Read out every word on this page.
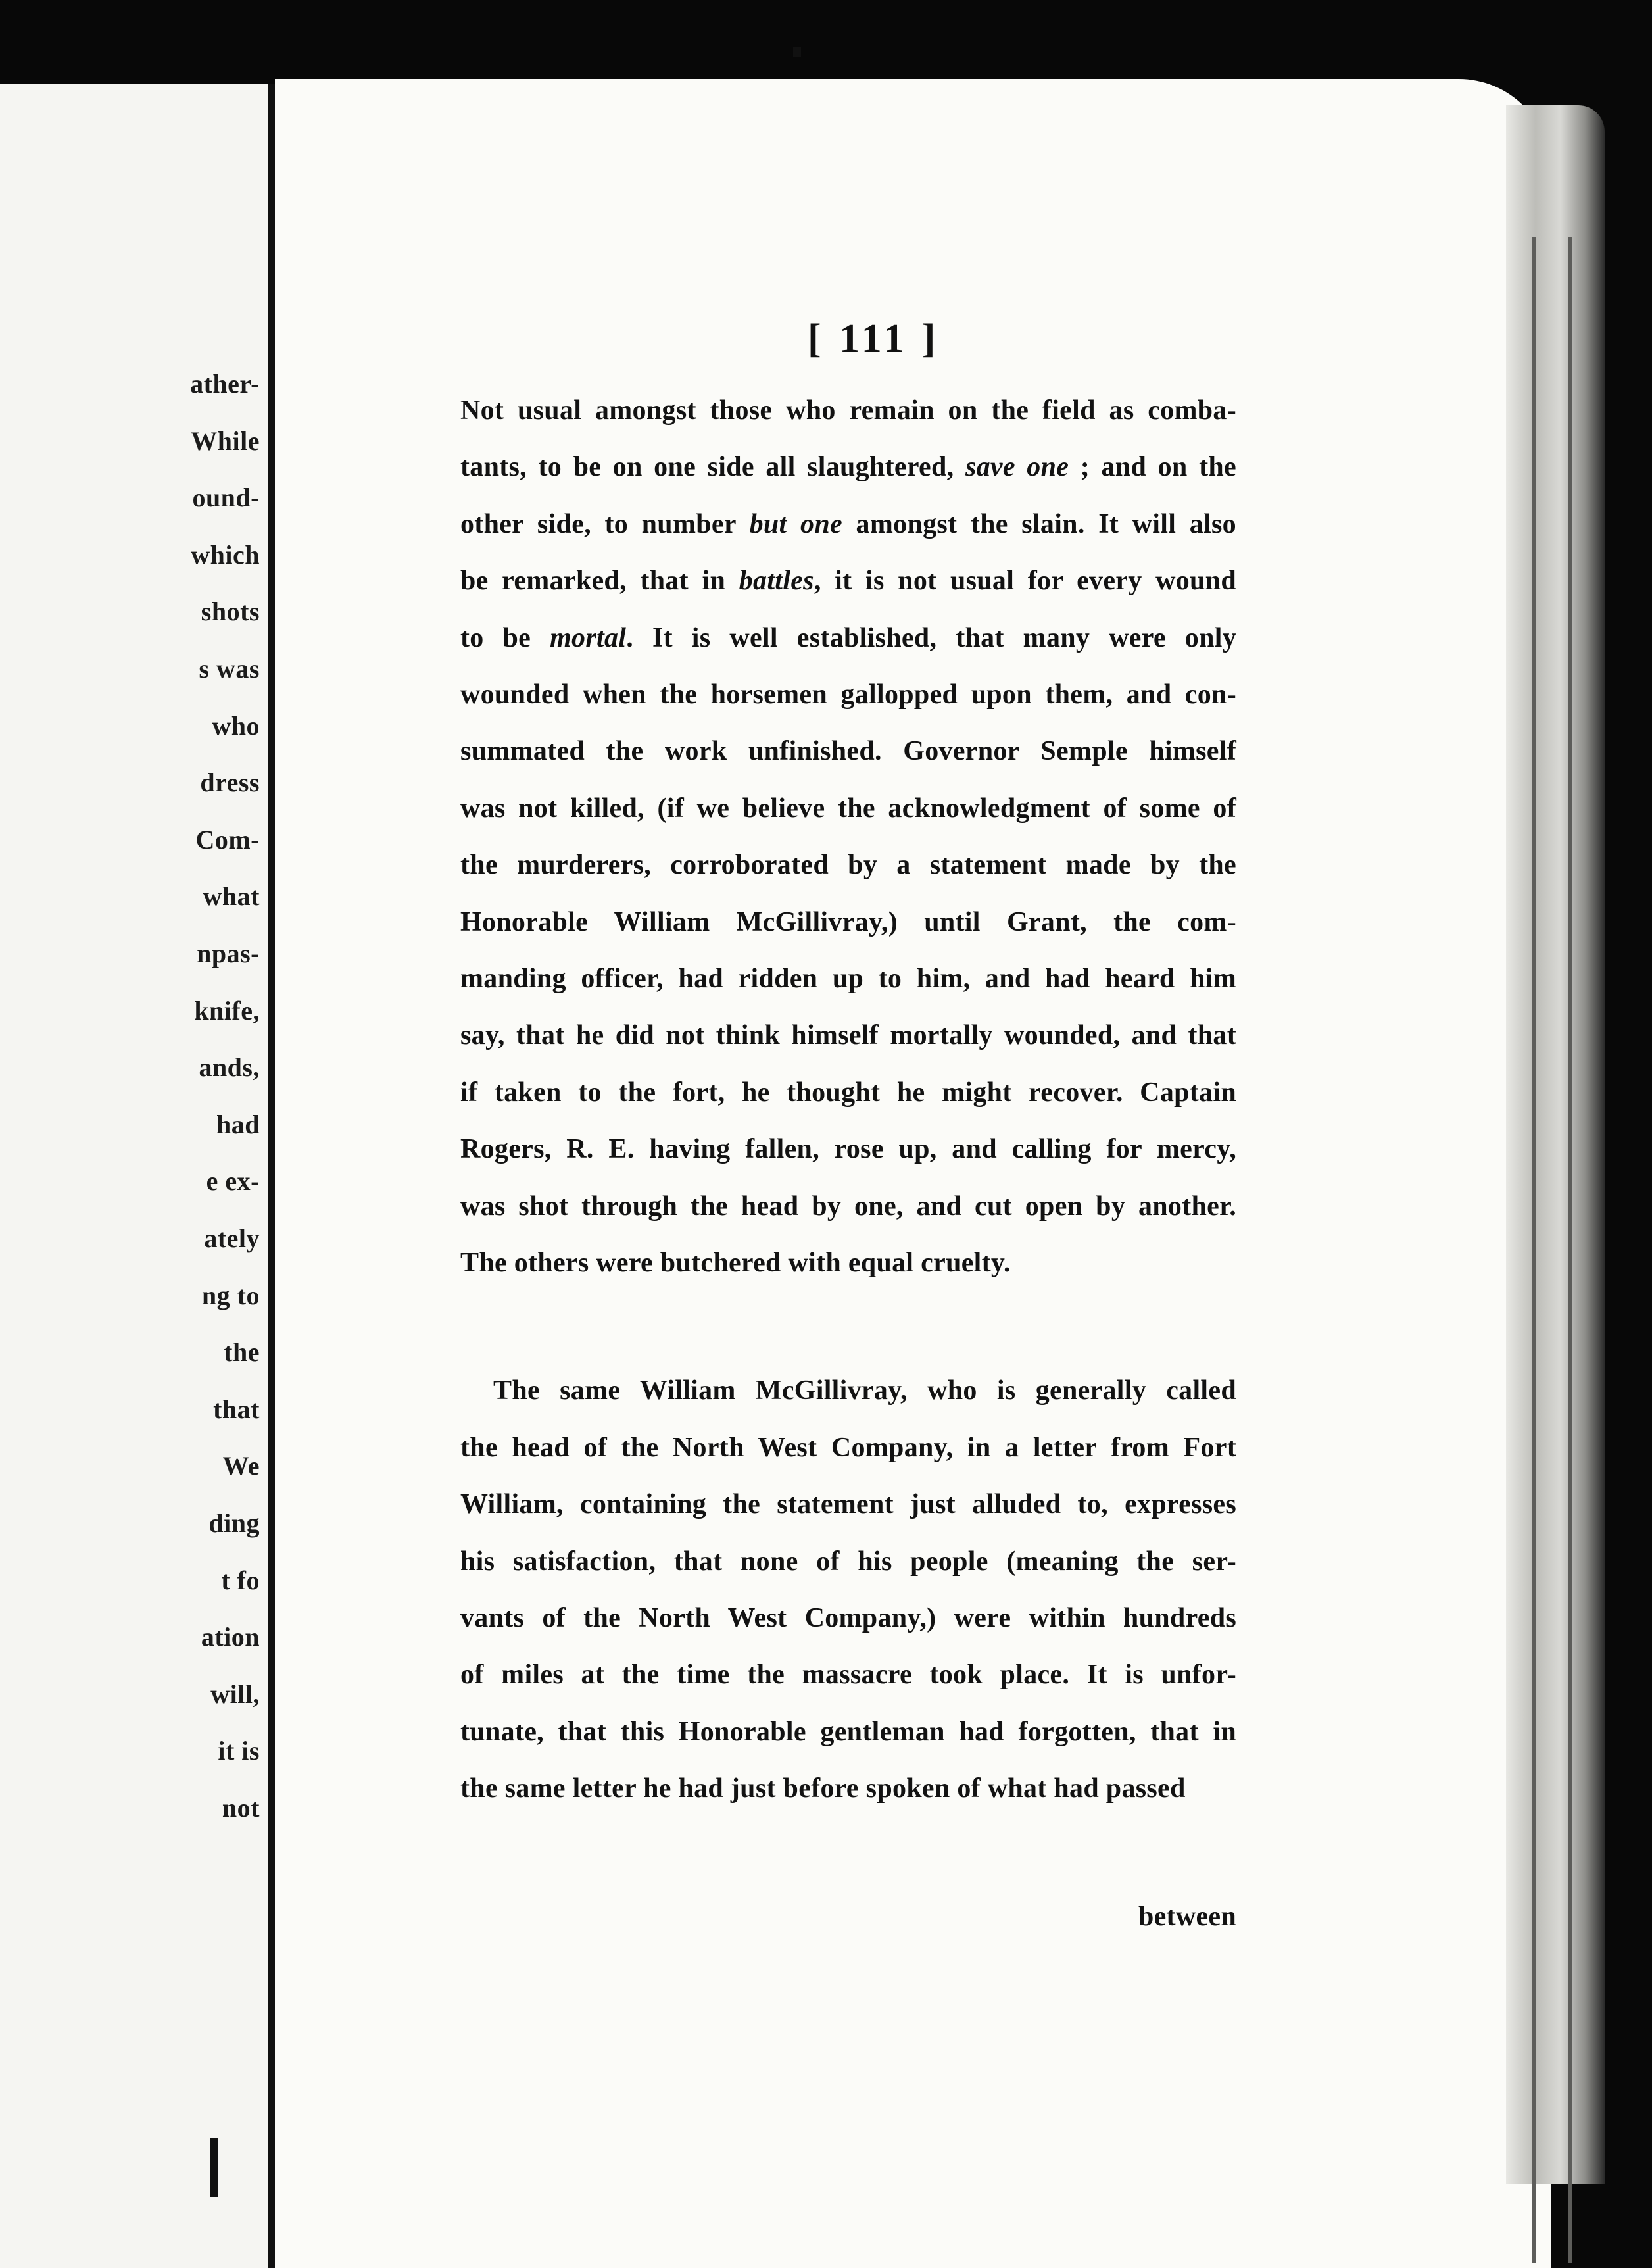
ather-
While
ound-
which
shots
s was
who
dress
Com-
what
npas-
knife,
ands,
had
e ex-
ately
ng to
the
that
We
ding
t fo
ation
will,
it is
not
[ 111 ]
Not usual amongst those who remain on the field as comba-
tants, to be on one side all slaughtered, save one ; and on the
other side, to number but one amongst the slain. It will also
be remarked, that in battles, it is not usual for every wound
to be mortal. It is well established, that many were only
wounded when the horsemen gallopped upon them, and con-
summated the work unfinished. Governor Semple himself
was not killed, (if we believe the acknowledgment of some of
the murderers, corroborated by a statement made by the
Honorable William McGillivray,) until Grant, the com-
manding officer, had ridden up to him, and had heard him
say, that he did not think himself mortally wounded, and that
if taken to the fort, he thought he might recover. Captain
Rogers, R. E. having fallen, rose up, and calling for mercy,
was shot through the head by one, and cut open by another.
The others were butchered with equal cruelty.
The same William McGillivray, who is generally called
the head of the North West Company, in a letter from Fort
William, containing the statement just alluded to, expresses
his satisfaction, that none of his people (meaning the ser-
vants of the North West Company,) were within hundreds
of miles at the time the massacre took place. It is unfor-
tunate, that this Honorable gentleman had forgotten, that in
the same letter he had just before spoken of what had passed
between
